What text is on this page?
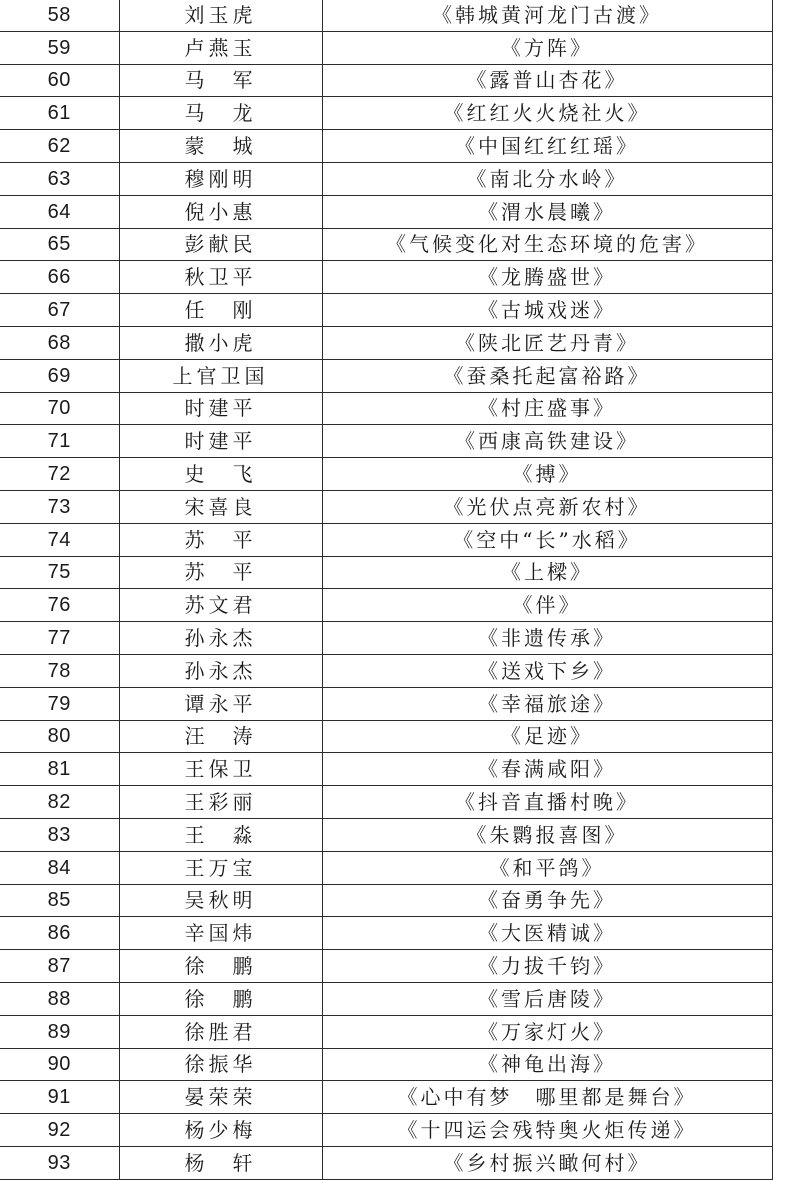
58	刘玉虎	《韩城黄河龙门古渡》
59	卢燕玉	《方阵》
60	马　军	《露普山杏花》
61	马　龙	《红红火火烧社火》
62	蒙　城	《中国红红红瑶》
63	穆刚明	《南北分水岭》
64	倪小惠	《渭水晨曦》
65	彭献民	《气候变化对生态环境的危害》
66	秋卫平	《龙腾盛世》
67	任　刚	《古城戏迷》
68	撒小虎	《陕北匠艺丹青》
69	上官卫国	《蚕桑托起富裕路》
70	时建平	《村庄盛事》
71	时建平	《西康高铁建设》
72	史　飞	《搏》
73	宋喜良	《光伏点亮新农村》
74	苏　平	《空中“长”水稻》
75	苏　平	《上樑》
76	苏文君	《伴》
77	孙永杰	《非遗传承》
78	孙永杰	《送戏下乡》
79	谭永平	《幸福旅途》
80	汪　涛	《足迹》
81	王保卫	《春满咸阳》
82	王彩丽	《抖音直播村晚》
83	王　淼	《朱鹮报喜图》
84	王万宝	《和平鸽》
85	吴秋明	《奋勇争先》
86	辛国炜	《大医精诚》
87	徐　鹏	《力拔千钧》
88	徐　鹏	《雪后唐陵》
89	徐胜君	《万家灯火》
90	徐振华	《神龟出海》
91	晏荣荣	《心中有梦　哪里都是舞台》
92	杨少梅	《十四运会残特奥火炬传递》
93	杨　轩	《乡村振兴瞰何村》
